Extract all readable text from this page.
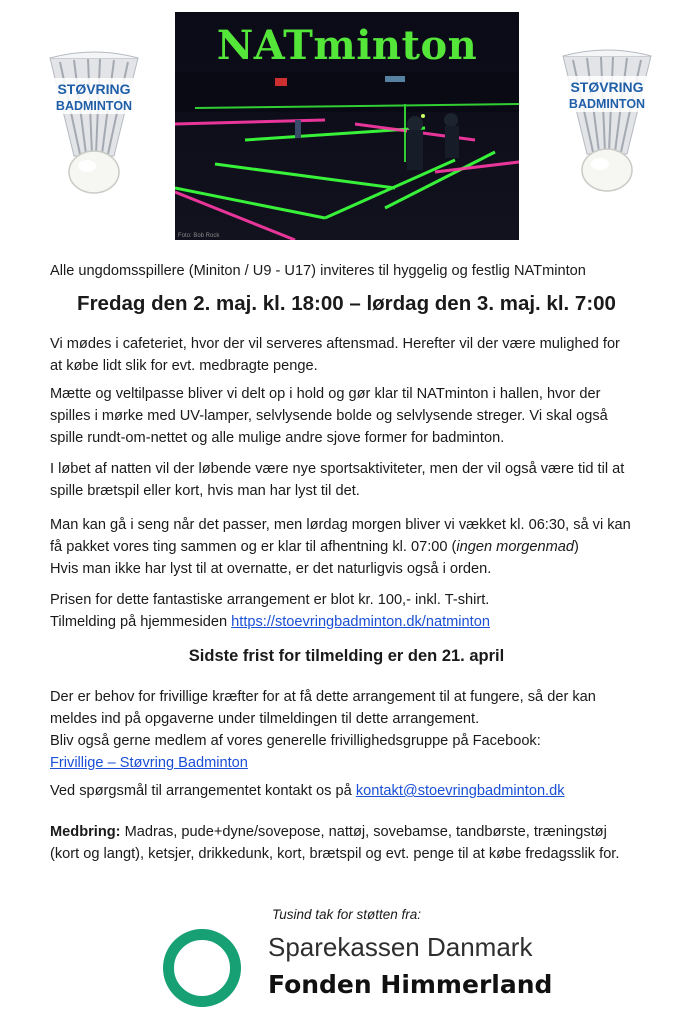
STØVRING
BADMINTON
STØVRING
BADMINTON
NATminton
Foto: Bob Rock
Alle ungdomsspillere (Miniton / U9 - U17) inviteres til hyggelig og festlig NATminton
Fredag den 2. maj. kl. 18:00 – lørdag den 3. maj. kl. 7:00
Vi mødes i cafeteriet, hvor der vil serveres aftensmad. Herefter vil der være mulighed for
at købe lidt slik for evt. medbragte penge.
Mætte og veltilpasse bliver vi delt op i hold og gør klar til NATminton i hallen, hvor der
spilles i mørke med UV-lamper, selvlysende bolde og selvlysende streger. Vi skal også
spille rundt-om-nettet og alle mulige andre sjove former for badminton.
I løbet af natten vil der løbende være nye sportsaktiviteter, men der vil også være tid til at
spille brætspil eller kort, hvis man har lyst til det.
Man kan gå i seng når det passer, men lørdag morgen bliver vi vækket kl. 06:30, så vi kan
få pakket vores ting sammen og er klar til afhentning kl. 07:00 (ingen morgenmad)
Hvis man ikke har lyst til at overnatte, er det naturligvis også i orden.
Prisen for dette fantastiske arrangement er blot kr. 100,- inkl. T-shirt.
Tilmelding på hjemmesiden https://stoevringbadminton.dk/natminton
Sidste frist for tilmelding er den 21. april
Der er behov for frivillige kræfter for at få dette arrangement til at fungere, så der kan
meldes ind på opgaverne under tilmeldingen til dette arrangement.
Bliv også gerne medlem af vores generelle frivillighedsgruppe på Facebook:
Frivillige – Støvring Badminton
Ved spørgsmål til arrangementet kontakt os på kontakt@stoevringbadminton.dk
Medbring: Madras, pude+dyne/sovepose, nattøj, sovebamse, tandbørste, træningstøj
(kort og langt), ketsjer, drikkedunk, kort, brætspil og evt. penge til at købe fredagsslik for.
Tusind tak for støtten fra:
Sparekassen Danmark
Fonden Himmerland
